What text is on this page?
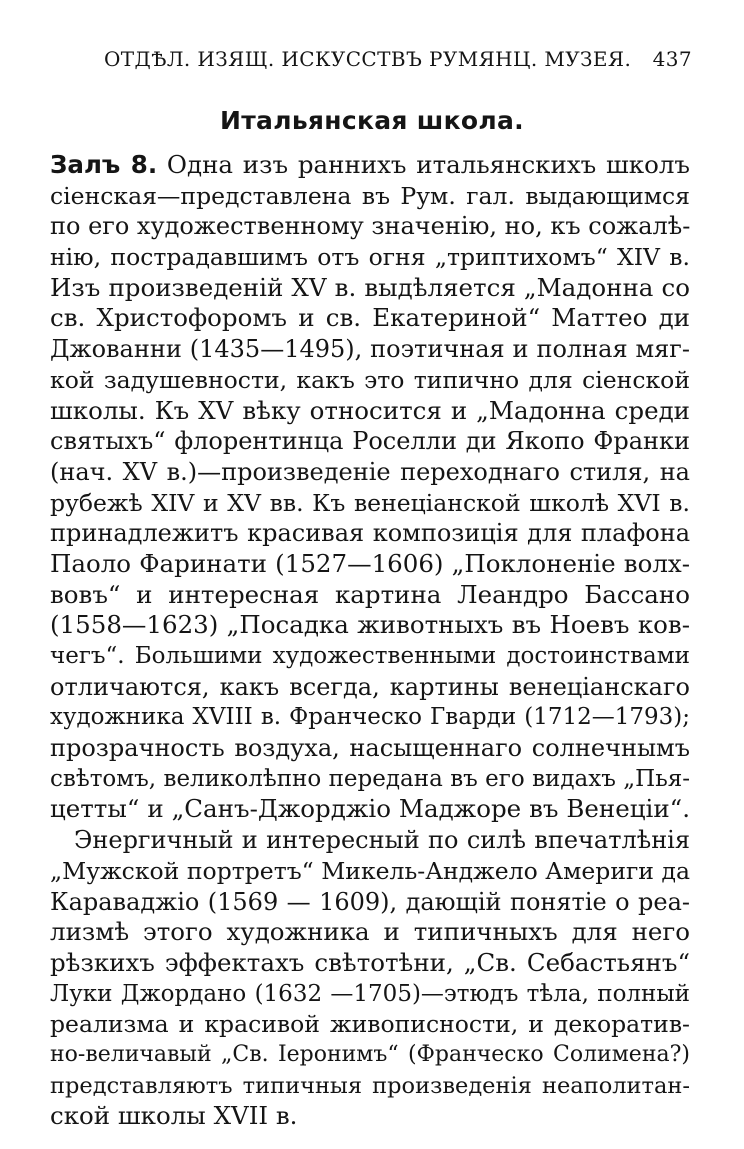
ОТДѢЛ. ИЗЯЩ. ИСКУССТВЪ РУМЯНЦ. МУЗЕЯ. 437
Итальянская школа.
Залъ 8. Одна изъ раннихъ итальянскихъ школъ
сіенская—представлена въ Рум. гал. выдающимся
по его художественному значенію, но, къ сожалѣ-
нію, пострадавшимъ отъ огня „триптихомъ“ XIV в.
Изъ произведеній XV в. выдѣляется „Мадонна со
св. Христофоромъ и св. Екатериной“ Маттео ди
Джованни (1435—1495), поэтичная и полная мяг-
кой задушевности, какъ это типично для сіенской
школы. Къ XV вѣку относится и „Мадонна среди
святыхъ“ флорентинца Роселли ди Якопо Франки
(нач. XV в.)—произведеніе переходнаго стиля, на
рубежѣ XIV и XV вв. Къ венеціанской школѣ XVI в.
принадлежитъ красивая композиція для плафона
Паоло Фаринати (1527—1606) „Поклоненіе волх-
вовъ“ и интересная картина Леандро Бассано
(1558—1623) „Посадка животныхъ въ Ноевъ ков-
чегъ“. Большими художественными достоинствами
отличаются, какъ всегда, картины венеціанскаго
художника XVIII в. Франческо Гварди (1712—1793);
прозрачность воздуха, насыщеннаго солнечнымъ
свѣтомъ, великолѣпно передана въ его видахъ „Пья-
цетты“ и „Санъ-Джорджіо Маджоре въ Венеціи“.
Энергичный и интересный по силѣ впечатлѣнія
„Мужской портретъ“ Микель-Анджело Америги да
Караваджіо (1569 — 1609), дающій понятіе о реа-
лизмѣ этого художника и типичныхъ для него
рѣзкихъ эффектахъ свѣтотѣни, „Св. Себастьянъ“
Луки Джордано (1632 —1705)—этюдъ тѣла, полный
реализма и красивой живописности, и декоратив-
но-величавый „Св. Іеронимъ“ (Франческо Солимена?)
представляютъ типичныя произведенія неаполитан-
ской школы XVII в.
